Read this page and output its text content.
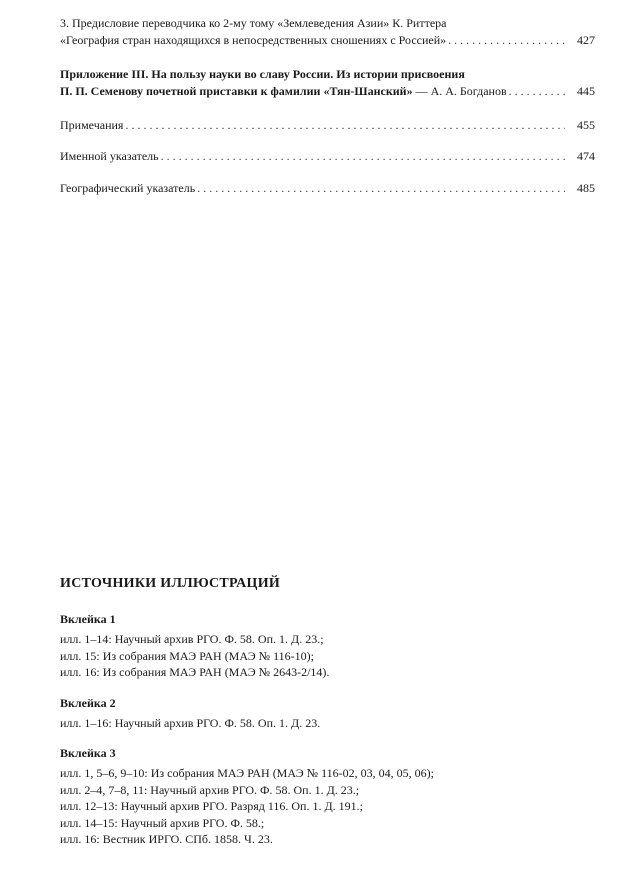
3. Предисловие переводчика ко 2-му тому «Землеведения Азии» К. Риттера
«География стран находящихся в непосредственных сношениях с Россией» . . .	427
Приложение III. На пользу науки во славу России. Из истории присвоения
П. П. Семенову почетной приставки к фамилии «Тян-Шанский» — А. А. Богданов . . .	445
Примечания . . .	455
Именной указатель . . .	474
Географический указатель . . .	485
ИСТОЧНИКИ ИЛЛЮСТРАЦИЙ
Вклейка 1
илл. 1–14: Научный архив РГО. Ф. 58. Оп. 1. Д. 23.;
илл. 15: Из собрания МАЭ РАН (МАЭ № 116-10);
илл. 16: Из собрания МАЭ РАН (МАЭ № 2643-2/14).
Вклейка 2
илл. 1–16: Научный архив РГО. Ф. 58. Оп. 1. Д. 23.
Вклейка 3
илл. 1, 5–6, 9–10: Из собрания МАЭ РАН (МАЭ № 116-02, 03, 04, 05, 06);
илл. 2–4, 7–8, 11: Научный архив РГО. Ф. 58. Оп. 1. Д. 23.;
илл. 12–13: Научный архив РГО. Разряд 116. Оп. 1. Д. 191.;
илл. 14–15: Научный архив РГО. Ф. 58.;
илл. 16: Вестник ИРГО. СПб. 1858. Ч. 23.
